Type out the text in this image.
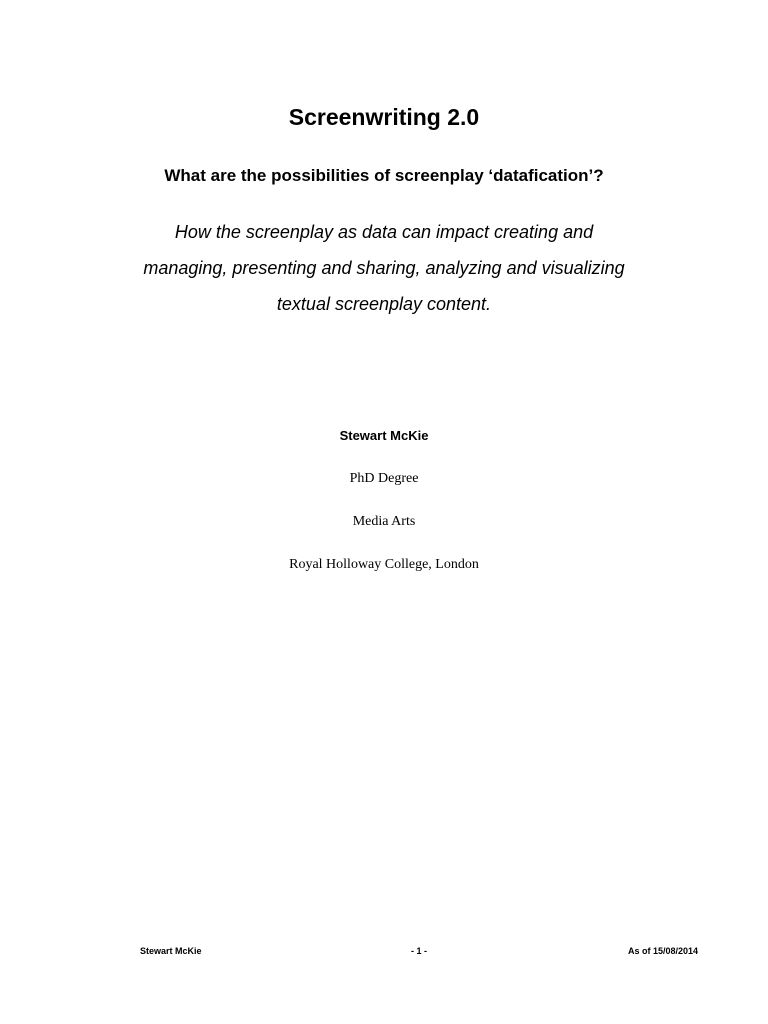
Screenwriting 2.0
What are the possibilities of screenplay ‘datafication’?

How the screenplay as data can impact creating and
managing, presenting and sharing, analyzing and visualizing
textual screenplay content.

Stewart McKie

PhD Degree

Media Arts

Royal Holloway College, London

Stewart McKie	- 1 -	As of 15/08/2014
